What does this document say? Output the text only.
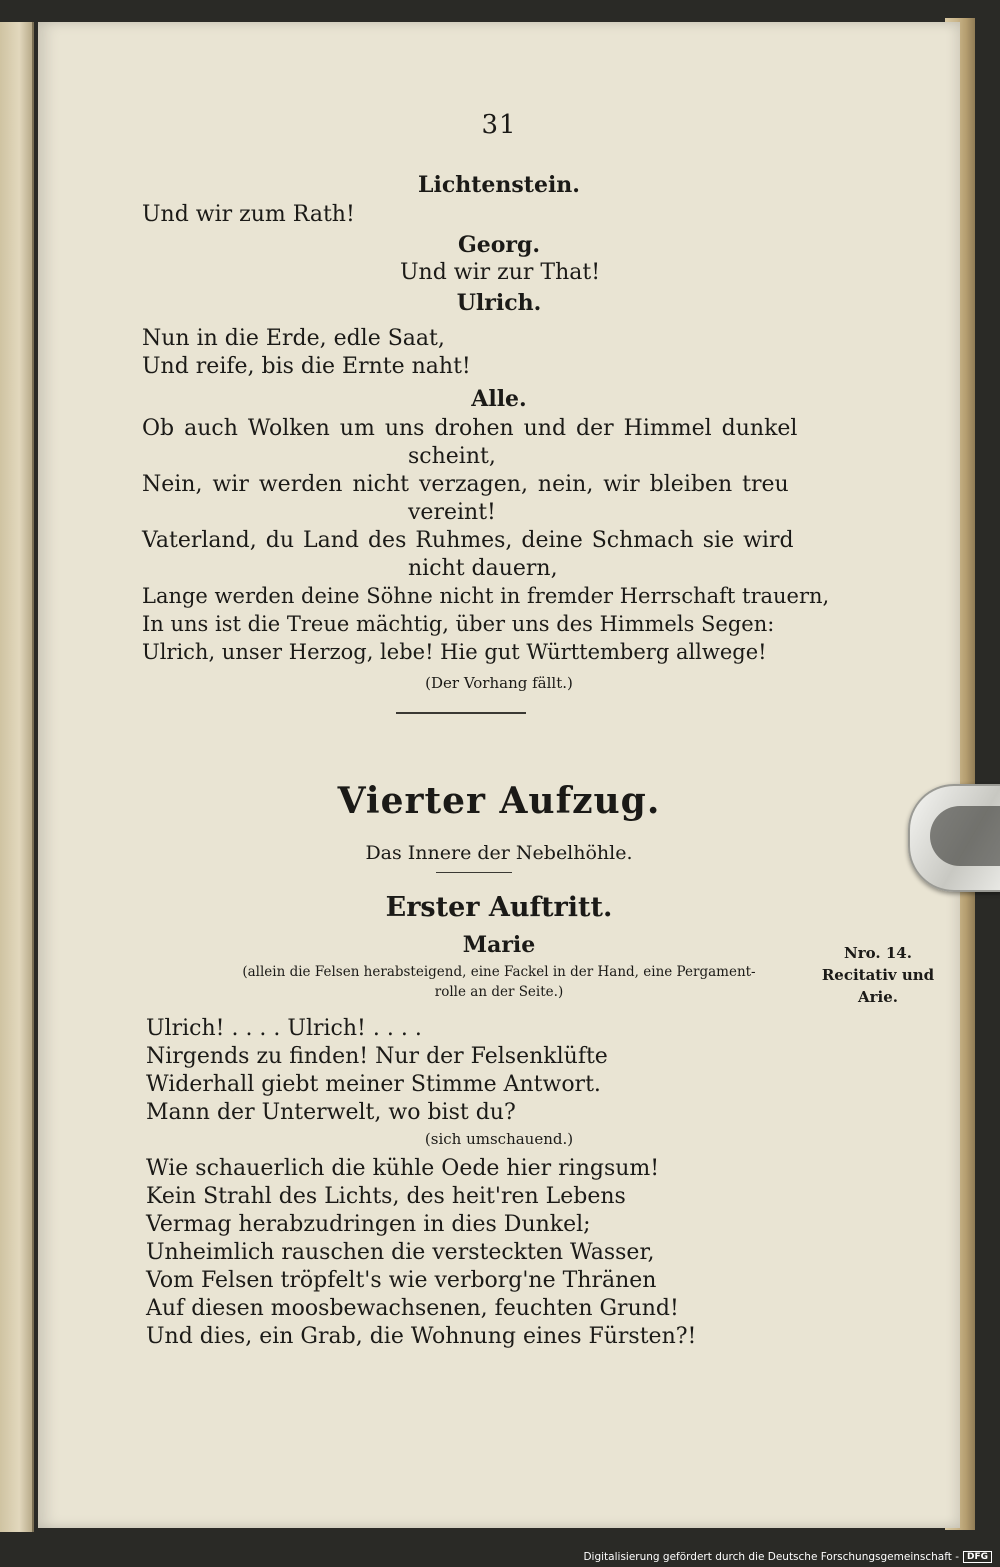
31
Lichtenstein.
Und wir zum Rath!
Georg.
Und wir zur That!
Ulrich.
Nun in die Erde, edle Saat,
Und reife, bis die Ernte naht!
Alle.
Ob auch Wolken um uns drohen und der Himmel dunkel
scheint,
Nein, wir werden nicht verzagen, nein, wir bleiben treu
vereint!
Vaterland, du Land des Ruhmes, deine Schmach sie wird
nicht dauern,
Lange werden deine Söhne nicht in fremder Herrschaft trauern,
In uns ist die Treue mächtig, über uns des Himmels Segen:
Ulrich, unser Herzog, lebe! Hie gut Württemberg allwege!
(Der Vorhang fällt.)
Vierter Aufzug.
Das Innere der Nebelhöhle.
Erster Auftritt.
Marie
(allein die Felsen herabsteigend, eine Fackel in der Hand, eine Pergament-
rolle an der Seite.)
Ulrich! . . . . Ulrich! . . . .
Nirgends zu finden! Nur der Felsenklüfte
Widerhall giebt meiner Stimme Antwort.
Mann der Unterwelt, wo bist du?
(sich umschauend.)
Wie schauerlich die kühle Oede hier ringsum!
Kein Strahl des Lichts, des heit'ren Lebens
Vermag herabzudringen in dies Dunkel;
Unheimlich rauschen die versteckten Wasser,
Vom Felsen tröpfelt's wie verborg'ne Thränen
Auf diesen moosbewachsenen, feuchten Grund!
Und dies, ein Grab, die Wohnung eines Fürsten?!
Nro. 14.
Recitativ und
Arie.
Digitalisierung gefördert durch die Deutsche Forschungsgemeinschaft - DFG
